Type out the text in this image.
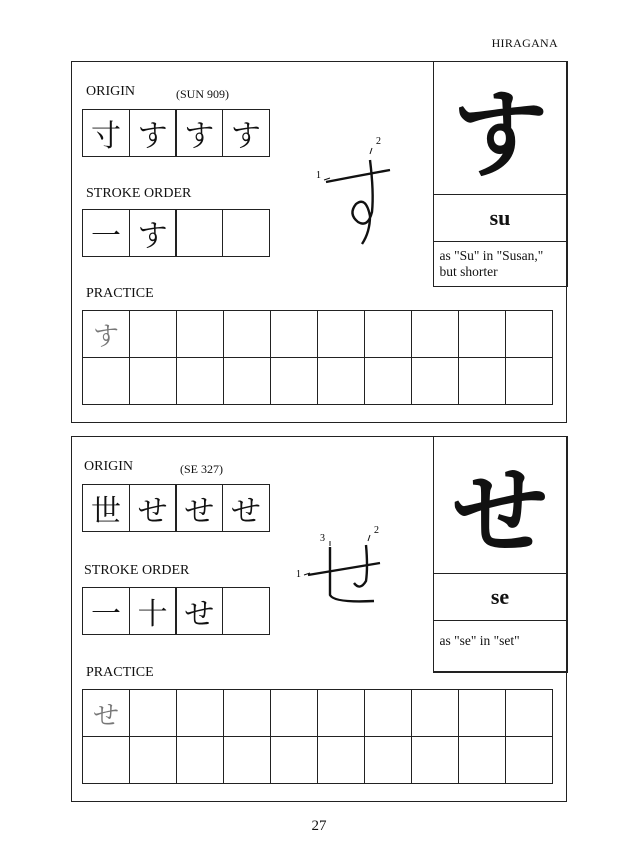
HIRAGANA
ORIGIN	(SUN 909)
寸 す す す
1
2
STROKE ORDER
一 す
PRACTICE
す
す
su
as "Su" in "Susan," but shorter
ORIGIN	(SE 327)
世 せ せ せ
1
2
3
STROKE ORDER
一 十 せ
PRACTICE
せ
せ
se
as "se" in "set"
27
